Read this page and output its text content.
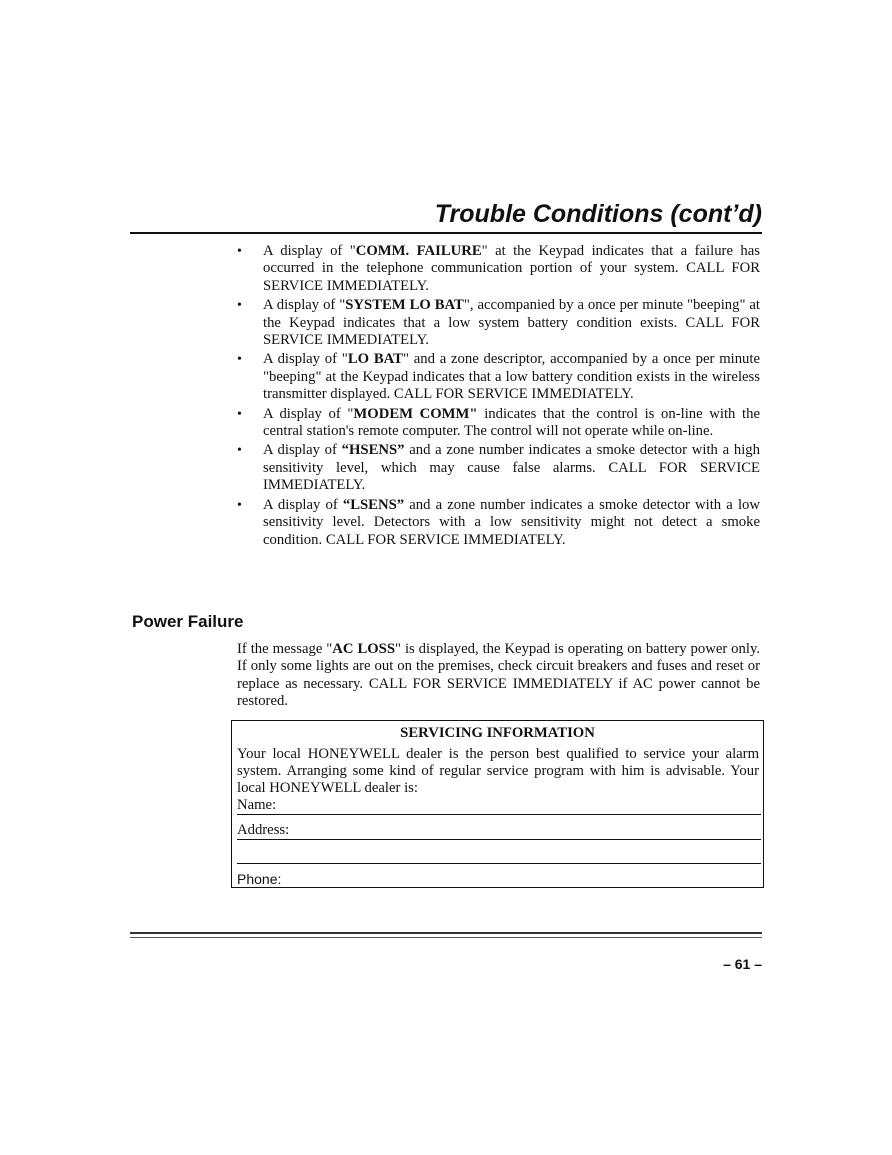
Trouble Conditions (cont’d)
• A display of "COMM. FAILURE" at the Keypad indicates that a failure has occurred in the telephone communication portion of your system. CALL FOR SERVICE IMMEDIATELY.
• A display of "SYSTEM LO BAT", accompanied by a once per minute "beeping" at the Keypad indicates that a low system battery condition exists. CALL FOR SERVICE IMMEDIATELY.
• A display of "LO BAT" and a zone descriptor, accompanied by a once per minute "beeping" at the Keypad indicates that a low battery condition exists in the wireless transmitter displayed. CALL FOR SERVICE IMMEDIATELY.
• A display of "MODEM COMM" indicates that the control is on-line with the central station's remote computer. The control will not operate while on-line.
• A display of “HSENS” and a zone number indicates a smoke detector with a high sensitivity level, which may cause false alarms. CALL FOR SERVICE IMMEDIATELY.
• A display of “LSENS” and a zone number indicates a smoke detector with a low sensitivity level. Detectors with a low sensitivity might not detect a smoke condition. CALL FOR SERVICE IMMEDIATELY.
Power Failure

If the message "AC LOSS" is displayed, the Keypad is operating on battery power only. If only some lights are out on the premises, check circuit breakers and fuses and reset or replace as necessary. CALL FOR SERVICE IMMEDIATELY if AC power cannot be restored.

SERVICING INFORMATION

Your local HONEYWELL dealer is the person best qualified to service your alarm system. Arranging some kind of regular service program with him is advisable. Your local HONEYWELL dealer is:

Name:
Address:
Phone:

– 61 –
